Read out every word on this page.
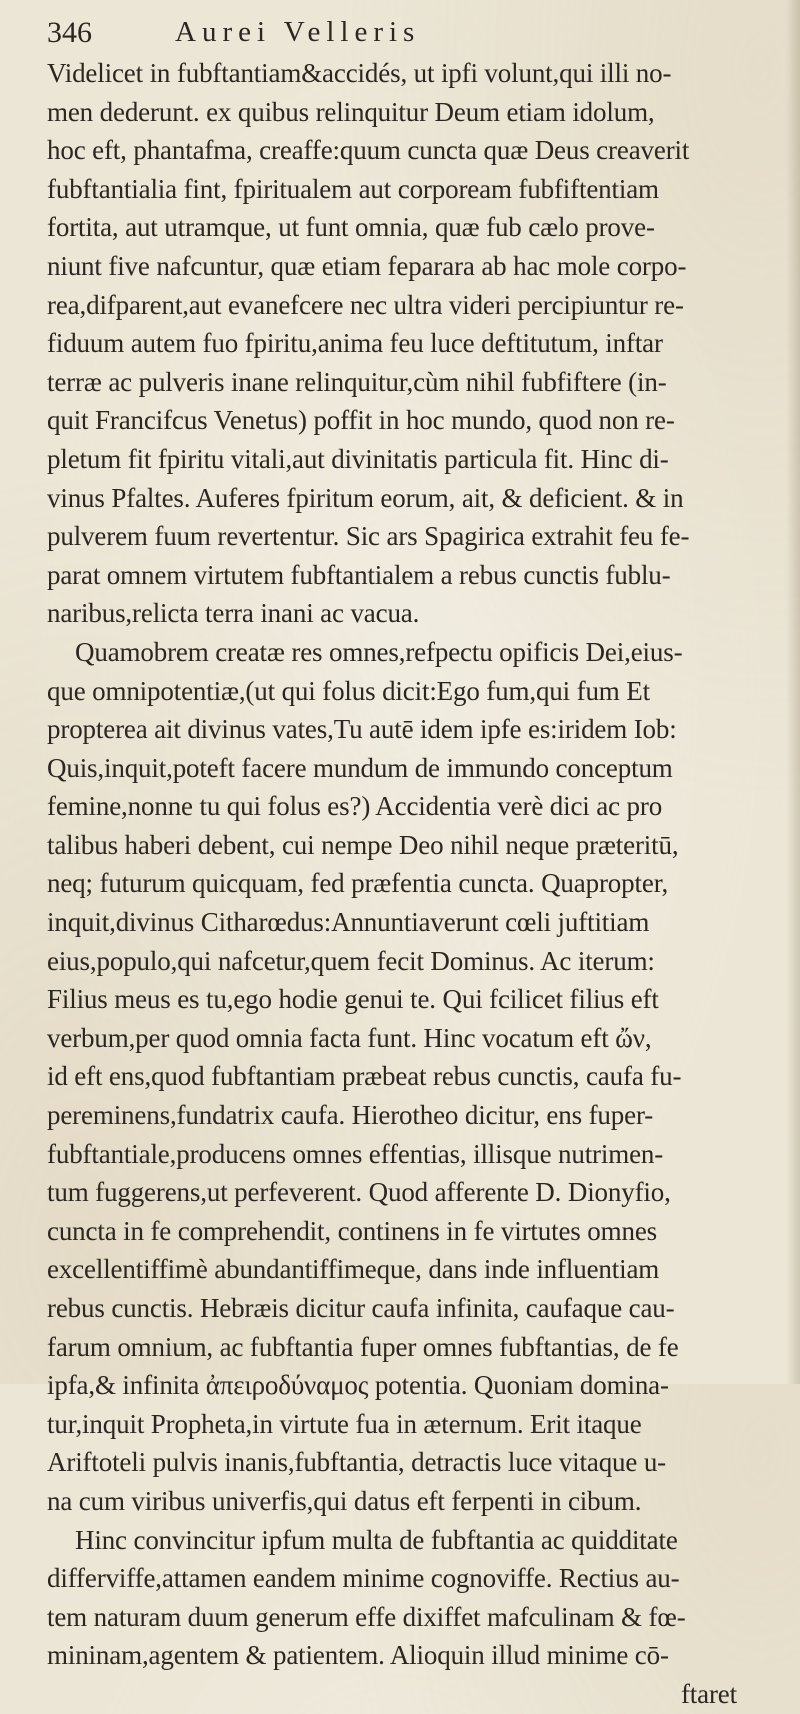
346	Aurei Velleris
Videlicet in fubftantiam&accidés, ut ipfi volunt,qui illi no-
men dederunt. ex quibus relinquitur Deum etiam idolum,
hoc eft, phantafma, creaffe:quum cuncta quæ Deus creaverit
fubftantialia fint, fpiritualem aut corpoream fubfiftentiam
fortita, aut utramque, ut funt omnia, quæ fub cælo prove-
niunt five nafcuntur, quæ etiam feparara ab hac mole corpo-
rea,difparent,aut evanefcere nec ultra videri percipiuntur re-
fiduum autem fuo fpiritu,anima feu luce deftitutum, inftar
terræ ac pulveris inane relinquitur,cùm nihil fubfiftere (in-
quit Francifcus Venetus) poffit in hoc mundo, quod non re-
pletum fit fpiritu vitali,aut divinitatis particula fit. Hinc di-
vinus Pfaltes. Auferes fpiritum eorum, ait, & deficient. & in
pulverem fuum revertentur. Sic ars Spagirica extrahit feu fe-
parat omnem virtutem fubftantialem a rebus cunctis fublu-
naribus,relicta terra inani ac vacua.
Quamobrem creatæ res omnes,refpectu opificis Dei,eius-
que omnipotentiæ,(ut qui folus dicit:Ego fum,qui fum Et
propterea ait divinus vates,Tu autē idem ipfe es:iridem Iob:
Quis,inquit,poteft facere mundum de immundo conceptum
femine,nonne tu qui folus es?) Accidentia verè dici ac pro
talibus haberi debent, cui nempe Deo nihil neque præteritū,
neq; futurum quicquam, fed præfentia cuncta. Quapropter,
inquit,divinus Citharœdus:Annuntiaverunt cœli juftitiam
eius,populo,qui nafcetur,quem fecit Dominus. Ac iterum:
Filius meus es tu,ego hodie genui te. Qui fcilicet filius eft
verbum,per quod omnia facta funt. Hinc vocatum eft ὤν,
id eft ens,quod fubftantiam præbeat rebus cunctis, caufa fu-
pereminens,fundatrix caufa. Hierotheo dicitur, ens fuper-
fubftantiale,producens omnes effentias, illisque nutrimen-
tum fuggerens,ut perfeverent. Quod afferente D. Dionyfio,
cuncta in fe comprehendit, continens in fe virtutes omnes
excellentiffimè abundantiffimeque, dans inde influentiam
rebus cunctis. Hebræis dicitur caufa infinita, caufaque cau-
farum omnium, ac fubftantia fuper omnes fubftantias, de fe
ipfa,& infinita ἀπειροδύναμος potentia. Quoniam domina-
tur,inquit Propheta,in virtute fua in æternum. Erit itaque
Ariftoteli pulvis inanis,fubftantia, detractis luce vitaque u-
na cum viribus univerfis,qui datus eft ferpenti in cibum.
Hinc convincitur ipfum multa de fubftantia ac quidditate
differviffe,attamen eandem minime cognoviffe. Rectius au-
tem naturam duum generum effe dixiffet mafculinam & fœ-
mininam,agentem & patientem. Alioquin illud minime cō-
ftaret
